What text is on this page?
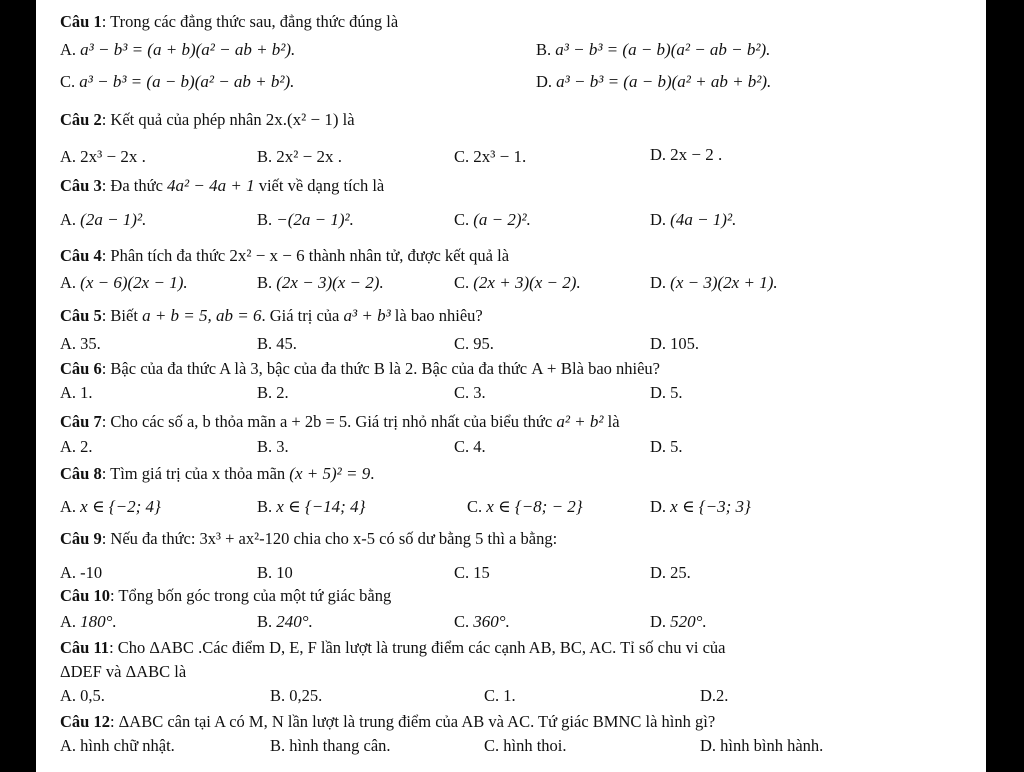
Câu 1: Trong các đẳng thức sau, đẳng thức đúng là
A. a³ − b³ = (a + b)(a² − ab + b²).	B. a³ − b³ = (a − b)(a² − ab − b²).
C. a³ − b³ = (a − b)(a² − ab + b²).	D. a³ − b³ = (a − b)(a² + ab + b²).
Câu 2: Kết quả của phép nhân 2x.(x² − 1) là
A. 2x³ − 2x .	B. 2x² − 2x .	C. 2x³ − 1.	D. 2x − 2 .
Câu 3: Đa thức 4a² − 4a + 1 viết về dạng tích là
A. (2a − 1)².	B. −(2a − 1)².	C. (a − 2)².	D. (4a − 1)².
Câu 4: Phân tích đa thức 2x² − x − 6 thành nhân tử, được kết quả là
A. (x − 6)(2x − 1).	B. (2x − 3)(x − 2).	C. (2x + 3)(x − 2).	D. (x − 3)(2x + 1).
Câu 5: Biết a + b = 5, ab = 6. Giá trị của a³ + b³ là bao nhiêu?
A. 35.	B. 45.	C. 95.	D. 105.
Câu 6: Bậc của đa thức A là 3, bậc của đa thức B là 2. Bậc của đa thức A + Blà bao nhiêu?
A. 1.	B. 2.	C. 3.	D. 5.
Câu 7: Cho các số a, b thỏa mãn a + 2b = 5. Giá trị nhỏ nhất của biểu thức a² + b² là
A. 2.	B. 3.	C. 4.	D. 5.
Câu 8: Tìm giá trị của x thỏa mãn (x + 5)² = 9.
A. x ∈ {−2; 4}	B. x ∈ {−14; 4}	C. x ∈ {−8; − 2}	D. x ∈ {−3; 3}
Câu 9: Nếu đa thức: 3x³ + ax²-120 chia cho x-5 có số dư bằng 5 thì a bằng:
A. -10	B. 10	C. 15	D. 25.
Câu 10: Tổng bốn góc trong của một tứ giác bằng
A. 180°.	B. 240°.	C. 360°.	D. 520°.
Câu 11: Cho ΔABC .Các điểm D, E, F lần lượt là trung điểm các cạnh AB, BC, AC. Tỉ số chu vi của
ΔDEF và ΔABC là
A. 0,5.	B. 0,25.	C. 1.	D.2.
Câu 12: ΔABC cân tại A có M, N lần lượt là trung điểm của AB và AC. Tứ giác BMNC là hình gì?
A. hình chữ nhật.	B. hình thang cân.	C. hình thoi.	D. hình bình hành.
